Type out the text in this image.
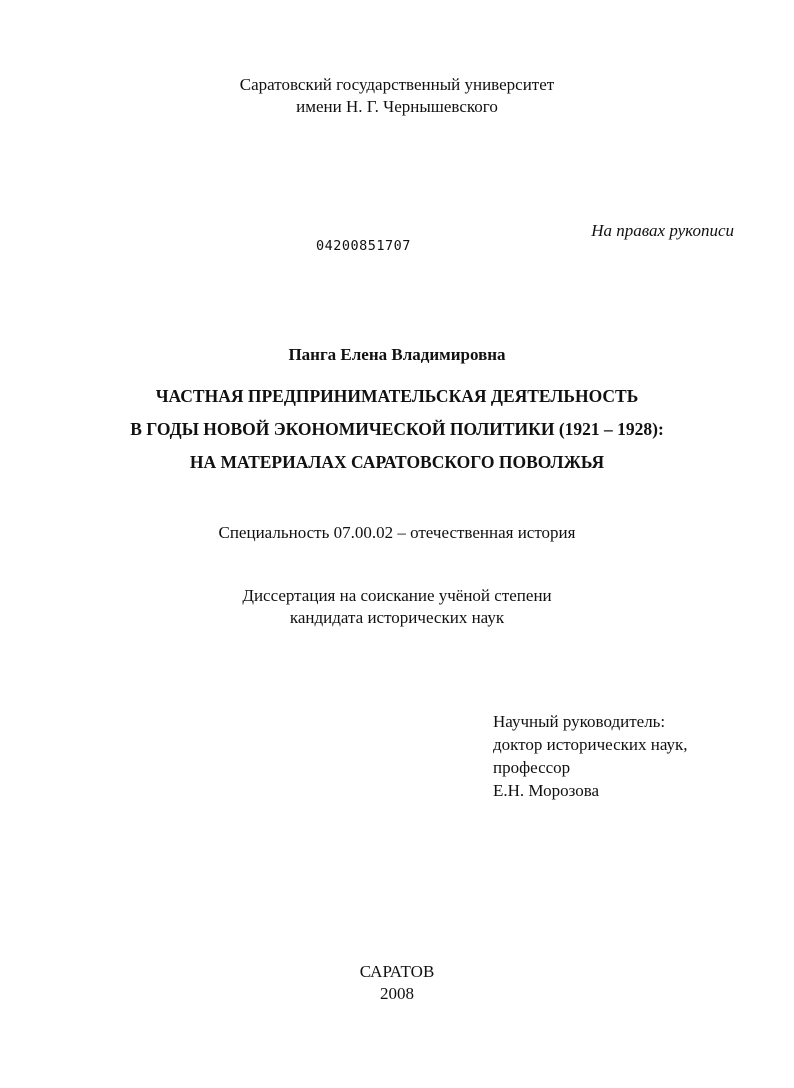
Саратовский государственный университет
имени Н. Г. Чернышевского
На правах рукописи
04200851707
Панга Елена Владимировна
ЧАСТНАЯ ПРЕДПРИНИМАТЕЛЬСКАЯ ДЕЯТЕЛЬНОСТЬ
В ГОДЫ НОВОЙ ЭКОНОМИЧЕСКОЙ ПОЛИТИКИ (1921 – 1928):
НА МАТЕРИАЛАХ САРАТОВСКОГО ПОВОЛЖЬЯ
Специальность 07.00.02 – отечественная история
Диссертация на соискание учёной степени
кандидата исторических наук
Научный руководитель:
доктор исторических наук,
профессор
Е.Н. Морозова
САРАТОВ
2008
